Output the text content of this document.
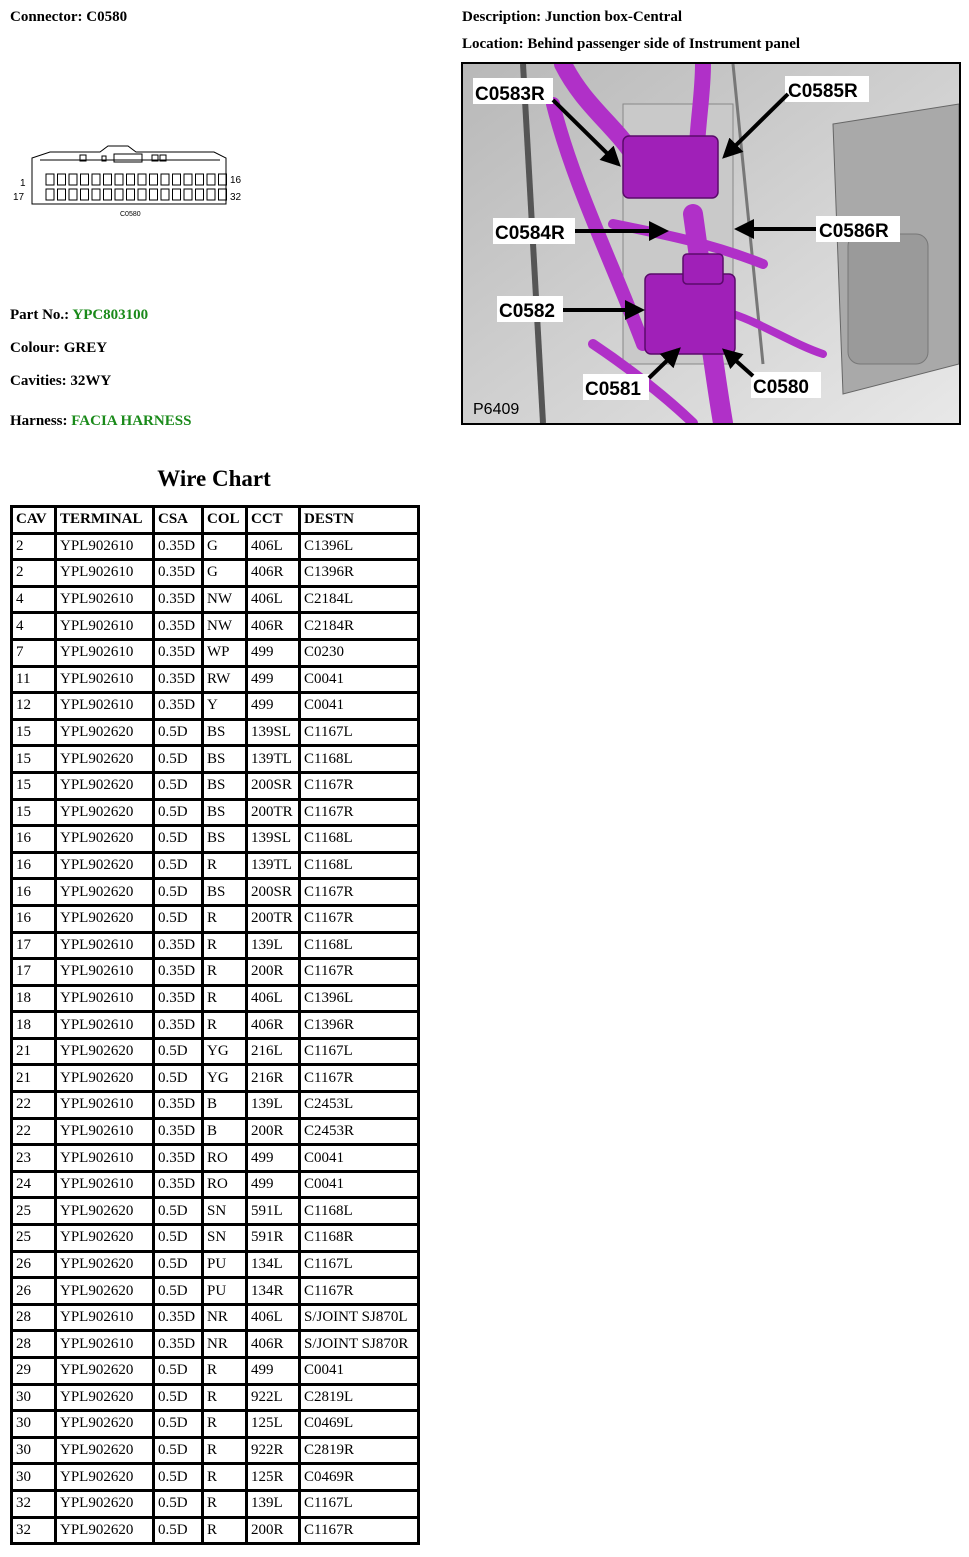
Connector: C0580	Description: Junction box-Central
Location: Behind passenger side of Instrument panel
1	16
17	32
C0580
C0583R	C0585R
C0584R	C0586R
C0582
C0581	C0580
P6409
Part No.: YPC803100
Colour: GREY
Cavities: 32WY
Harness: FACIA HARNESS
Wire Chart
CAV	TERMINAL	CSA	COL	CCT	DESTN
2	YPL902610	0.35D	G	406L	C1396L
2	YPL902610	0.35D	G	406R	C1396R
4	YPL902610	0.35D	NW	406L	C2184L
4	YPL902610	0.35D	NW	406R	C2184R
7	YPL902610	0.35D	WP	499	C0230
11	YPL902610	0.35D	RW	499	C0041
12	YPL902610	0.35D	Y	499	C0041
15	YPL902620	0.5D	BS	139SL	C1167L
15	YPL902620	0.5D	BS	139TL	C1168L
15	YPL902620	0.5D	BS	200SR	C1167R
15	YPL902620	0.5D	BS	200TR	C1167R
16	YPL902620	0.5D	BS	139SL	C1168L
16	YPL902620	0.5D	R	139TL	C1168L
16	YPL902620	0.5D	BS	200SR	C1167R
16	YPL902620	0.5D	R	200TR	C1167R
17	YPL902610	0.35D	R	139L	C1168L
17	YPL902610	0.35D	R	200R	C1167R
18	YPL902610	0.35D	R	406L	C1396L
18	YPL902610	0.35D	R	406R	C1396R
21	YPL902620	0.5D	YG	216L	C1167L
21	YPL902620	0.5D	YG	216R	C1167R
22	YPL902610	0.35D	B	139L	C2453L
22	YPL902610	0.35D	B	200R	C2453R
23	YPL902610	0.35D	RO	499	C0041
24	YPL902610	0.35D	RO	499	C0041
25	YPL902620	0.5D	SN	591L	C1168L
25	YPL902620	0.5D	SN	591R	C1168R
26	YPL902620	0.5D	PU	134L	C1167L
26	YPL902620	0.5D	PU	134R	C1167R
28	YPL902610	0.35D	NR	406L	S/JOINT SJ870L
28	YPL902610	0.35D	NR	406R	S/JOINT SJ870R
29	YPL902620	0.5D	R	499	C0041
30	YPL902620	0.5D	R	922L	C2819L
30	YPL902620	0.5D	R	125L	C0469L
30	YPL902620	0.5D	R	922R	C2819R
30	YPL902620	0.5D	R	125R	C0469R
32	YPL902620	0.5D	R	139L	C1167L
32	YPL902620	0.5D	R	200R	C1167R
